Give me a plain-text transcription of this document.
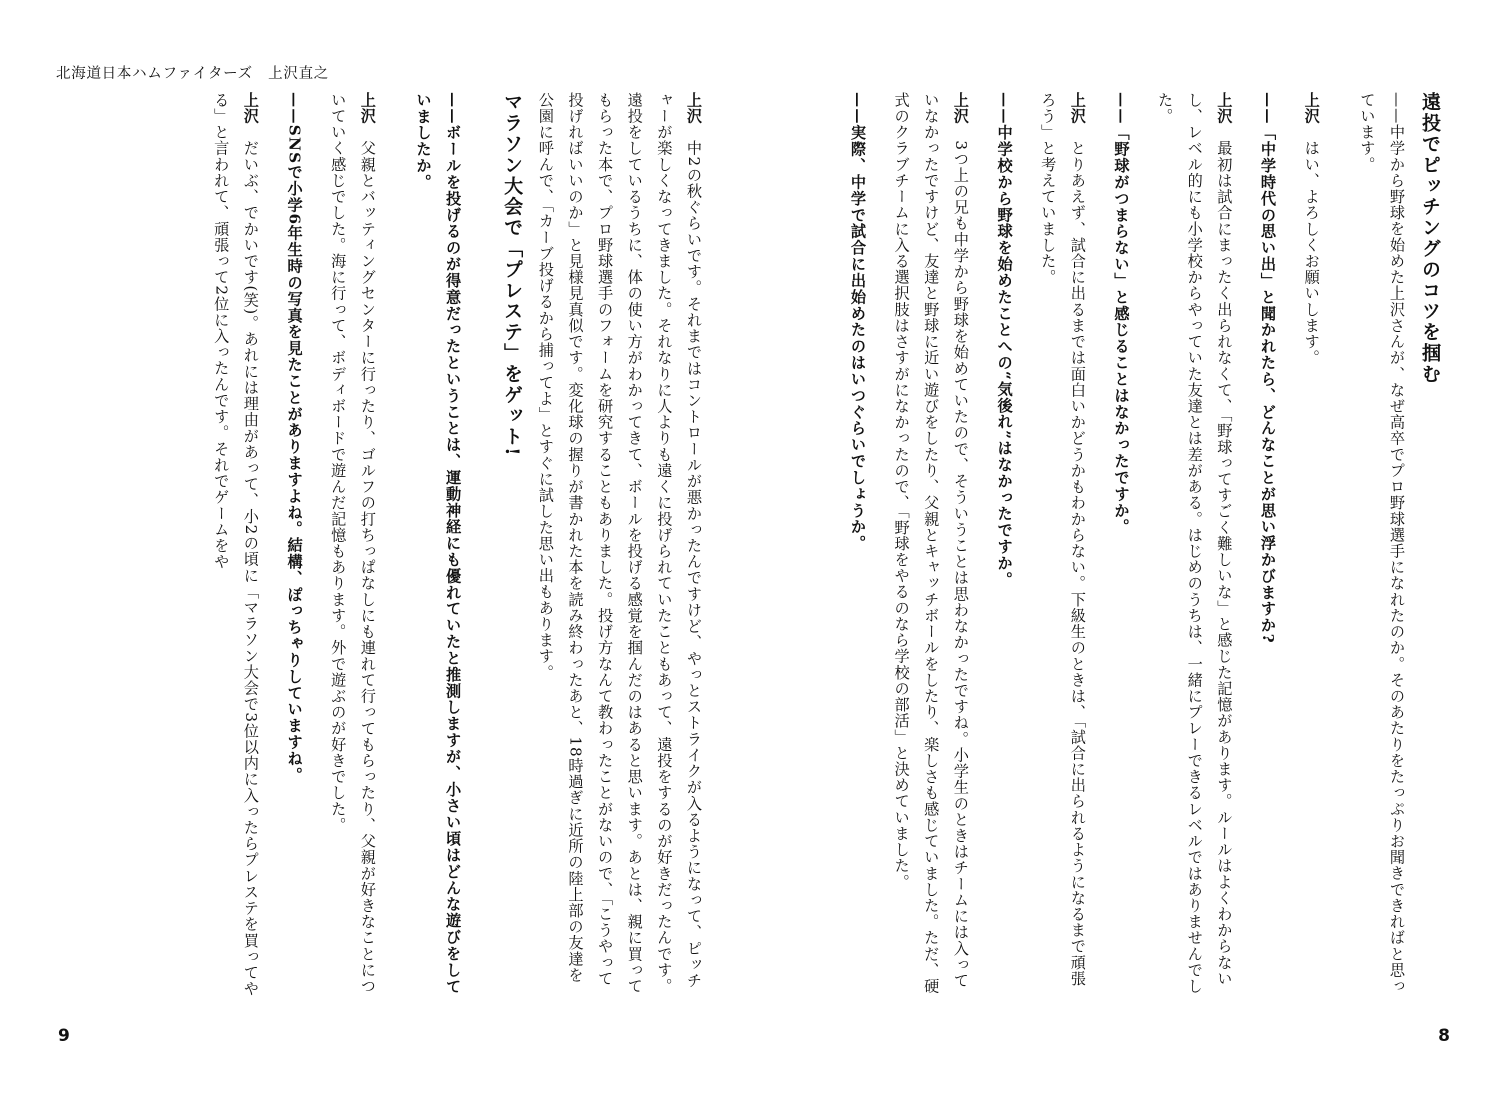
遠投でピッチングのコツを掴む
——中学から野球を始めた上沢さんが、なぜ高卒でプロ野球選手になれたのか。そのあたりをたっぷりお聞きできればと思っています。
上沢　はい、よろしくお願いします。
——「中学時代の思い出」と聞かれたら、どんなことが思い浮かびますか?
上沢　最初は試合にまったく出られなくて、「野球ってすごく難しいな」と感じた記憶があります。ルールはよくわからないし、レベル的にも小学校からやっていた友達とは差がある。はじめのうちは、一緒にプレーできるレベルではありませんでした。
——「野球がつまらない」と感じることはなかったですか。
上沢　とりあえず、試合に出るまでは面白いかどうかもわからない。下級生のときは、「試合に出られるようになるまで頑張ろう」と考えていました。
——中学校から野球を始めたことへの“気後れ”はなかったですか。
上沢　3つ上の兄も中学から野球を始めていたので、そういうことは思わなかったですね。小学生のときはチームには入っていなかったですけど、友達と野球に近い遊びをしたり、父親とキャッチボールをしたり、楽しさも感じていました。ただ、硬式のクラブチームに入る選択肢はさすがになかったので、「野球をやるのなら学校の部活」と決めていました。
——実際、中学で試合に出始めたのはいつぐらいでしょうか。
8
北海道日本ハムファイターズ　上沢直之
上沢　中2の秋ぐらいです。それまではコントロールが悪かったんですけど、やっとストライクが入るようになって、ピッチャーが楽しくなってきました。それなりに人よりも遠くに投げられていたこともあって、遠投をするのが好きだったんです。遠投をしているうちに、体の使い方がわかってきて、ボールを投げる感覚を掴んだのはあると思います。あとは、親に買ってもらった本で、プロ野球選手のフォームを研究することもありました。投げ方なんて教わったことがないので、「こうやって投げればいいのか」と見様見真似です。変化球の握りが書かれた本を読み終わったあと、18時過ぎに近所の陸上部の友達を公園に呼んで、「カーブ投げるから捕ってよ」とすぐに試した思い出もあります。
マラソン大会で「プレステ」をゲット!
——ボールを投げるのが得意だったということは、運動神経にも優れていたと推測しますが、小さい頃はどんな遊びをしていましたか。
上沢　父親とバッティングセンターに行ったり、ゴルフの打ちっぱなしにも連れて行ってもらったり、父親が好きなことについていく感じでした。海に行って、ボディボードで遊んだ記憶もあります。外で遊ぶのが好きでした。
——SNSで小学6年生時の写真を見たことがありますよね。結構、ぽっちゃりしていますね。
上沢　だいぶ、でかいです(笑)。あれには理由があって、小2の頃に「マラソン大会で3位以内に入ったらプレステを買ってやる」と言われて、頑張って2位に入ったんです。それでゲームをや
9
